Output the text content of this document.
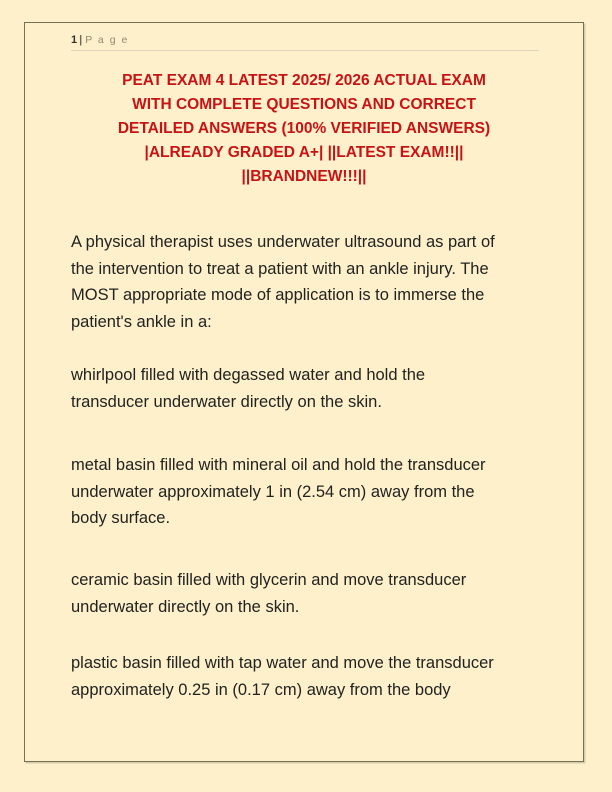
1 | P a g e
PEAT EXAM 4 LATEST 2025/ 2026 ACTUAL EXAM
WITH COMPLETE QUESTIONS AND CORRECT
DETAILED ANSWERS (100% VERIFIED ANSWERS)
|ALREADY GRADED A+| ||LATEST EXAM!!||
||BRANDNEW!!!||
A physical therapist uses underwater ultrasound as part of
the intervention to treat a patient with an ankle injury. The
MOST appropriate mode of application is to immerse the
patient's ankle in a:
whirlpool filled with degassed water and hold the
transducer underwater directly on the skin.
metal basin filled with mineral oil and hold the transducer
underwater approximately 1 in (2.54 cm) away from the
body surface.
ceramic basin filled with glycerin and move transducer
underwater directly on the skin.
plastic basin filled with tap water and move the transducer
approximately 0.25 in (0.17 cm) away from the body
